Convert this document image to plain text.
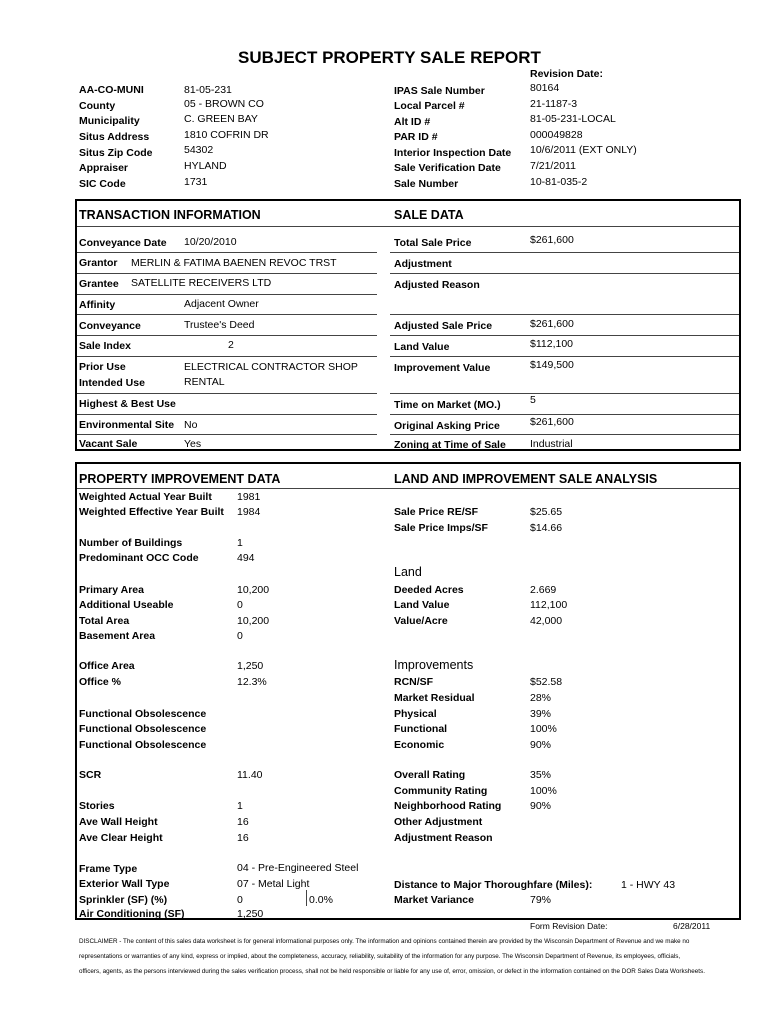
SUBJECT PROPERTY SALE REPORT
Revision Date:
AA-CO-MUNI	81-05-231
County	05 - BROWN CO
Municipality	C. GREEN BAY
Situs Address	1810 COFRIN DR
Situs Zip Code	54302
Appraiser	HYLAND
SIC Code	1731
IPAS Sale Number	80164
Local Parcel #	21-1187-3
Alt ID #	81-05-231-LOCAL
PAR ID #	000049828
Interior Inspection Date 10/6/2011 (EXT ONLY)
Sale Verification Date	7/21/2011
Sale Number	10-81-035-2
TRANSACTION INFORMATION	SALE DATA
Conveyance Date 10/20/2010
Grantor MERLIN & FATIMA BAENEN REVOC TRST
Grantee SATELLITE RECEIVERS LTD
Affinity	Adjacent Owner
Conveyance	Trustee's Deed
Sale Index	2
Prior Use	ELECTRICAL CONTRACTOR SHOP
Intended Use	RENTAL
Highest & Best Use
Environmental Site No
Vacant Sale	Yes
Total Sale Price	$261,600
Adjustment
Adjusted Reason
Adjusted Sale Price	$261,600
Land Value	$112,100
Improvement Value	$149,500
Time on Market (MO.)	5
Original Asking Price	$261,600
Zoning at Time of Sale Industrial
PROPERTY IMPROVEMENT DATA	LAND AND IMPROVEMENT SALE ANALYSIS
Weighted Actual Year Built 1981
Weighted Effective Year Built 1984
Number of Buildings	1
Predominant OCC Code	494
Primary Area	10,200
Additional Useable	0
Total Area	10,200
Basement Area	0
Office Area	1,250
Office %	12.3%
Functional Obsolescence
Functional Obsolescence
Functional Obsolescence
SCR	11.40
Stories	1
Ave Wall Height	16
Ave Clear Height	16
Frame Type	04 - Pre-Engineered Steel
Exterior Wall Type	07 - Metal Light
Sprinkler (SF) (%)	0	0.0%
Air Conditioning (SF)	1,250
Sale Price RE/SF	$25.65
Sale Price Imps/SF	$14.66
Land
Deeded Acres	2.669
Land Value	112,100
Value/Acre	42,000
Improvements
RCN/SF	$52.58
Market Residual	28%
Physical	39%
Functional	100%
Economic	90%
Overall Rating	35%
Community Rating	100%
Neighborhood Rating	90%
Other Adjustment
Adjustment Reason
Distance to Major Thoroughfare (Miles):	1 - HWY 43
Market Variance	79%
Form Revision Date:	6/28/2011
DISCLAIMER - The content of this sales data worksheet is for general informational purposes only. The information and opinions contained therein are provided by the Wisconsin Department of Revenue and we make no
representations or warranties of any kind, express or implied, about the completeness, accuracy, reliability, suitability of the information for any purpose. The Wisconsin Department of Revenue, its employees, officials,
officers, agents, as the persons interviewed during the sales verification process, shall not be held responsible or liable for any use of, error, omission, or defect in the information contained on the DOR Sales Data Worksheets.
